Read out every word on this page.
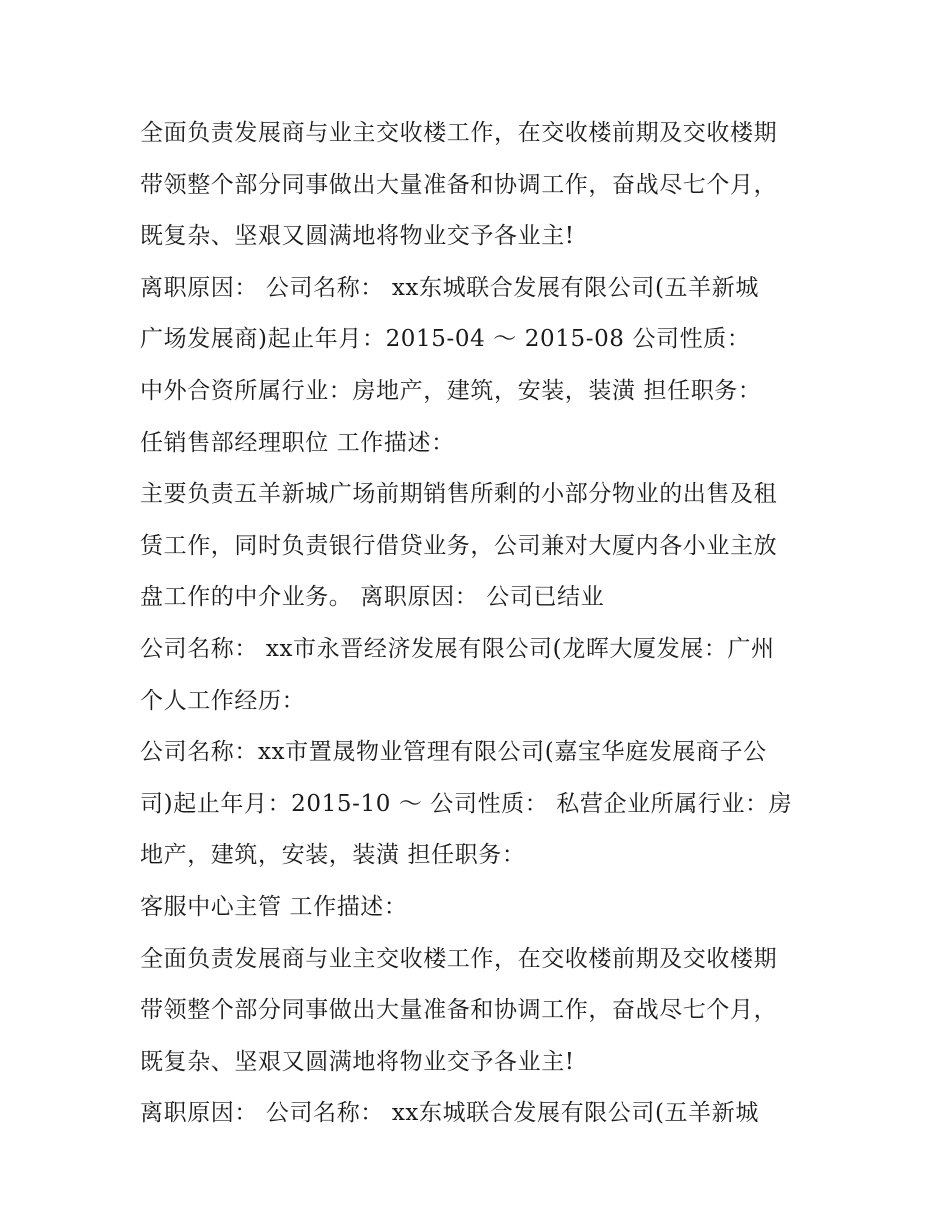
全面负责发展商与业主交收楼工作，在交收楼前期及交收楼期
带领整个部分同事做出大量准备和协调工作，奋战尽七个月，
既复杂、坚艰又圆满地将物业交予各业主!
离职原因： 公司名称： xx东城联合发展有限公司(五羊新城
广场发展商)起止年月：2015-04 ～ 2015-08 公司性质：
中外合资所属行业：房地产，建筑，安装，装潢 担任职务：
任销售部经理职位 工作描述：
主要负责五羊新城广场前期销售所剩的小部分物业的出售及租
赁工作，同时负责银行借贷业务，公司兼对大厦内各小业主放
盘工作的中介业务。 离职原因： 公司已结业
公司名称： xx市永晋经济发展有限公司(龙晖大厦发展：广州
个人工作经历：
公司名称：xx市置晟物业管理有限公司(嘉宝华庭发展商子公
司)起止年月：2015-10 ～ 公司性质： 私营企业所属行业：房
地产，建筑，安装，装潢 担任职务：
客服中心主管 工作描述：
全面负责发展商与业主交收楼工作，在交收楼前期及交收楼期
带领整个部分同事做出大量准备和协调工作，奋战尽七个月，
既复杂、坚艰又圆满地将物业交予各业主!
离职原因： 公司名称： xx东城联合发展有限公司(五羊新城
